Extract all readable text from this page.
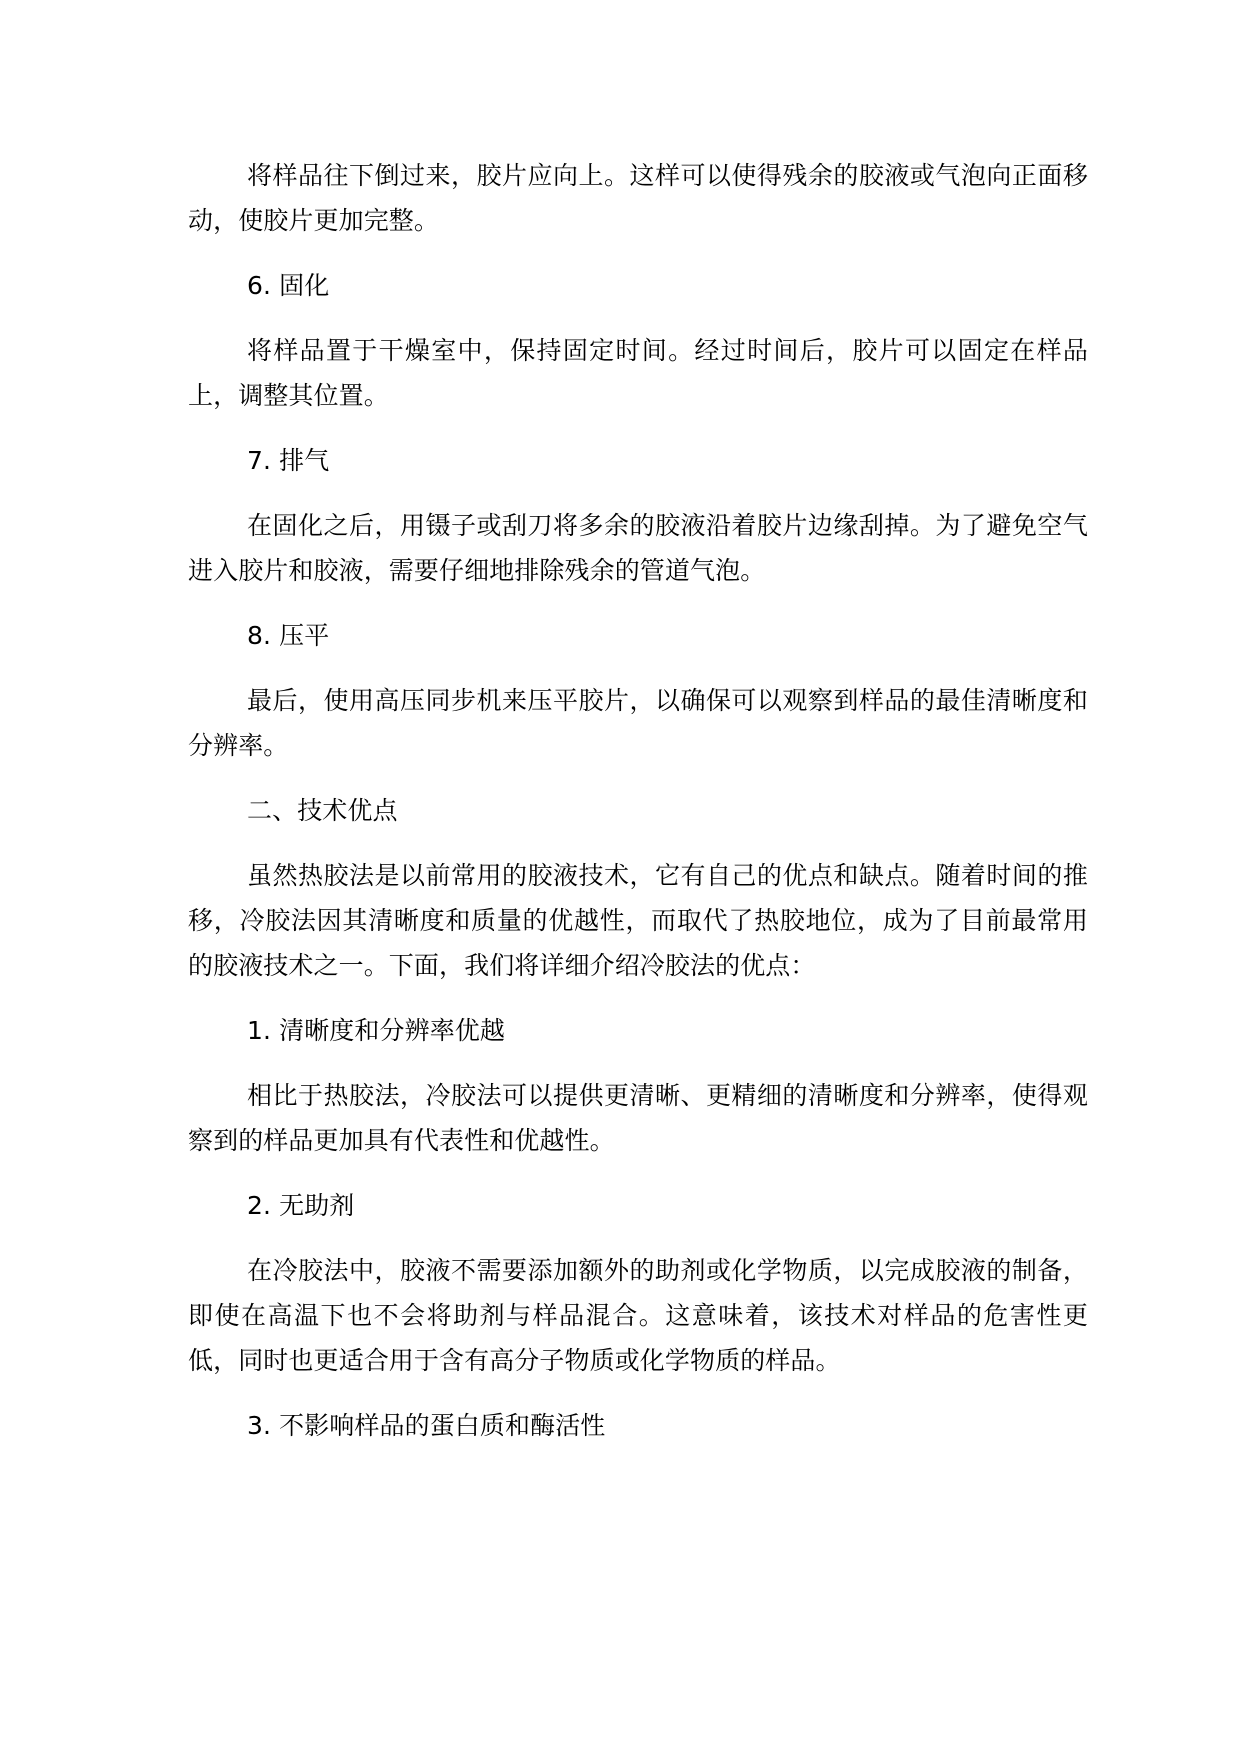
将样品往下倒过来，胶片应向上。这样可以使得残余的胶液或气泡向正面移动，使胶片更加完整。

6. 固化

将样品置于干燥室中，保持固定时间。经过时间后，胶片可以固定在样品上，调整其位置。

7. 排气

在固化之后，用镊子或刮刀将多余的胶液沿着胶片边缘刮掉。为了避免空气进入胶片和胶液，需要仔细地排除残余的管道气泡。

8. 压平

最后，使用高压同步机来压平胶片，以确保可以观察到样品的最佳清晰度和分辨率。

二、技术优点

虽然热胶法是以前常用的胶液技术，它有自己的优点和缺点。随着时间的推移，冷胶法因其清晰度和质量的优越性，而取代了热胶地位，成为了目前最常用的胶液技术之一。下面，我们将详细介绍冷胶法的优点：

1. 清晰度和分辨率优越

相比于热胶法，冷胶法可以提供更清晰、更精细的清晰度和分辨率，使得观察到的样品更加具有代表性和优越性。

2. 无助剂

在冷胶法中，胶液不需要添加额外的助剂或化学物质，以完成胶液的制备，即使在高温下也不会将助剂与样品混合。这意味着，该技术对样品的危害性更低，同时也更适合用于含有高分子物质或化学物质的样品。

3. 不影响样品的蛋白质和酶活性
